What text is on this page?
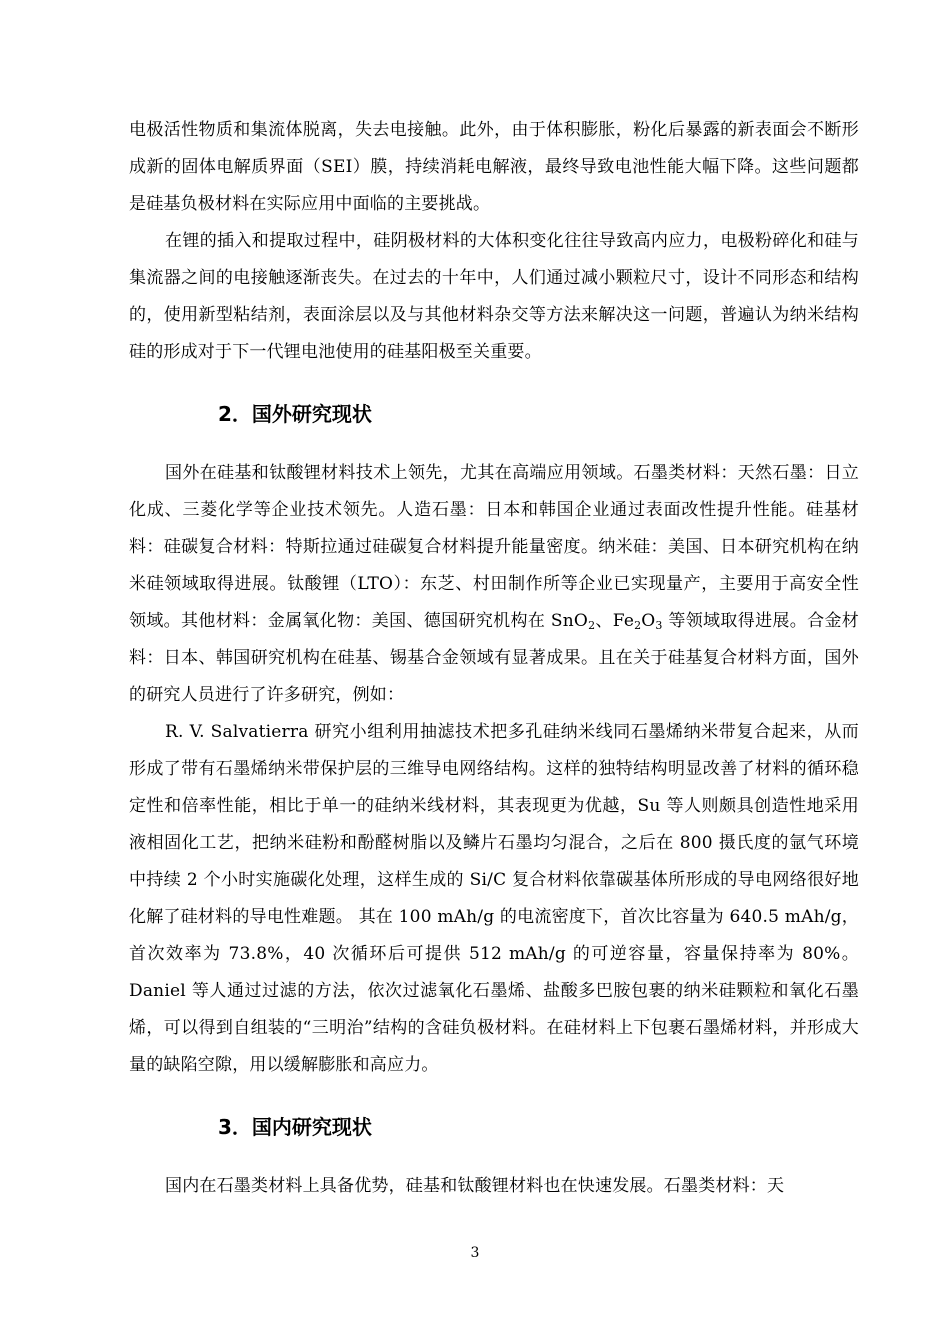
电极活性物质和集流体脱离，失去电接触。此外，由于体积膨胀，粉化后暴露的新表面会不断形成新的固体电解质界面（SEI）膜，持续消耗电解液，最终导致电池性能大幅下降。这些问题都是硅基负极材料在实际应用中面临的主要挑战。

在锂的插入和提取过程中，硅阴极材料的大体积变化往往导致高内应力，电极粉碎化和硅与集流器之间的电接触逐渐丧失。在过去的十年中，人们通过减小颗粒尺寸，设计不同形态和结构的，使用新型粘结剂，表面涂层以及与其他材料杂交等方法来解决这一问题，普遍认为纳米结构硅的形成对于下一代锂电池使用的硅基阳极至关重要。

2．国外研究现状

国外在硅基和钛酸锂材料技术上领先，尤其在高端应用领域。石墨类材料：天然石墨：日立化成、三菱化学等企业技术领先。人造石墨：日本和韩国企业通过表面改性提升性能。硅基材料：硅碳复合材料：特斯拉通过硅碳复合材料提升能量密度。纳米硅：美国、日本研究机构在纳米硅领域取得进展。钛酸锂（LTO）：东芝、村田制作所等企业已实现量产，主要用于高安全性领域。其他材料：金属氧化物：美国、德国研究机构在 SnO$_2$、$Fe_2O_3$ 等领域取得进展。合金材料：日本、韩国研究机构在硅基、锡基合金领域有显著成果。且在关于硅基复合材料方面，国外的研究人员进行了许多研究，例如：

R. V. Salvatierra 研究小组利用抽滤技术把多孔硅纳米线同石墨烯纳米带复合起来，从而形成了带有石墨烯纳米带保护层的三维导电网络结构。这样的独特结构明显改善了材料的循环稳定性和倍率性能，相比于单一的硅纳米线材料，其表现更为优越，Su 等人则颇具创造性地采用液相固化工艺，把纳米硅粉和酚醛树脂以及鳞片石墨均匀混合，之后在 800 摄氏度的氩气环境中持续 2 个小时实施碳化处理，这样生成的 Si/C 复合材料依靠碳基体所形成的导电网络很好地化解了硅材料的导电性难题。 其在 100 mAh/g 的电流密度下，首次比容量为 640.5 mAh/g，首次效率为 73.8%，40 次循环后可提供 512 mAh/g 的可逆容量，容量保持率为 80%。Daniel 等人通过过滤的方法，依次过滤氧化石墨烯、盐酸多巴胺包裹的纳米硅颗粒和氧化石墨烯，可以得到自组装的“三明治”结构的含硅负极材料。在硅材料上下包裹石墨烯材料，并形成大量的缺陷空隙，用以缓解膨胀和高应力。

3．国内研究现状

国内在石墨类材料上具备优势，硅基和钛酸锂材料也在快速发展。石墨类材料：天

3
